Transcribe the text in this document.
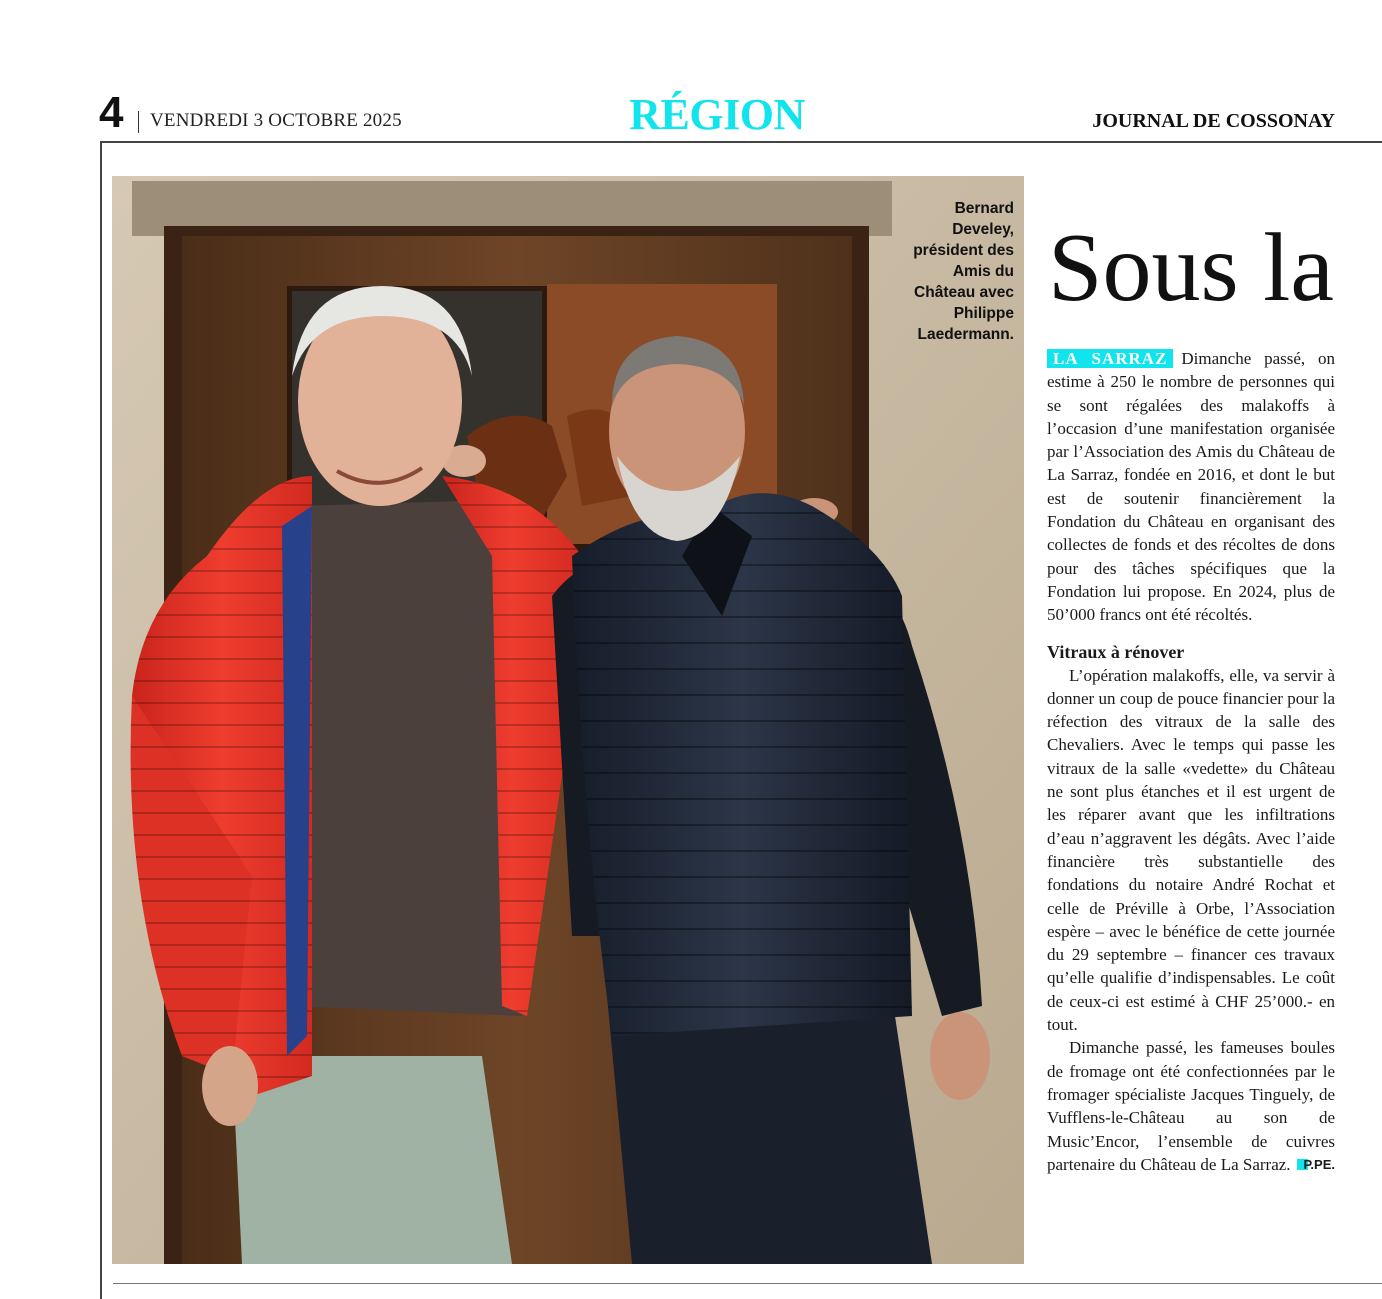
4 VENDREDI 3 OCTOBRE 2025	RÉGION	JOURNAL DE COSSONAY
Bernard Develey, président des Amis du Château avec Philippe Laedermann.
Sous la

LA SARRAZ Dimanche passé, on estime à 250 le nombre de personnes qui se sont régalées des malakoffs à l’occasion d’une manifestation organisée par l’Association des Amis du Château de La Sarraz, fondée en 2016, et dont le but est de soutenir financièrement la Fondation du Château en organisant des collectes de fonds et des récoltes de dons pour des tâches spécifiques que la Fondation lui propose. En 2024, plus de 50’000 francs ont été récoltés.

Vitraux à rénover

L’opération malakoffs, elle, va servir à donner un coup de pouce financier pour la réfection des vitraux de la salle des Chevaliers. Avec le temps qui passe les vitraux de la salle «vedette» du Château ne sont plus étanches et il est urgent de les réparer avant que les infiltrations d’eau n’aggravent les dégâts. Avec l’aide financière très substantielle des fondations du notaire André Rochat et celle de Préville à Orbe, l’Association espère – avec le bénéfice de cette journée du 29 septembre – financer ces travaux qu’elle qualifie d’indispensables. Le coût de ceux-ci est estimé à CHF 25’000.- en tout.

Dimanche passé, les fameuses boules de fromage ont été confectionnées par le fromager spécialiste Jacques Tinguely, de Vufflens-le-Château au son de Music’Encor, l’ensemble de cuivres partenaire du Château de La Sarraz. P.PE.
